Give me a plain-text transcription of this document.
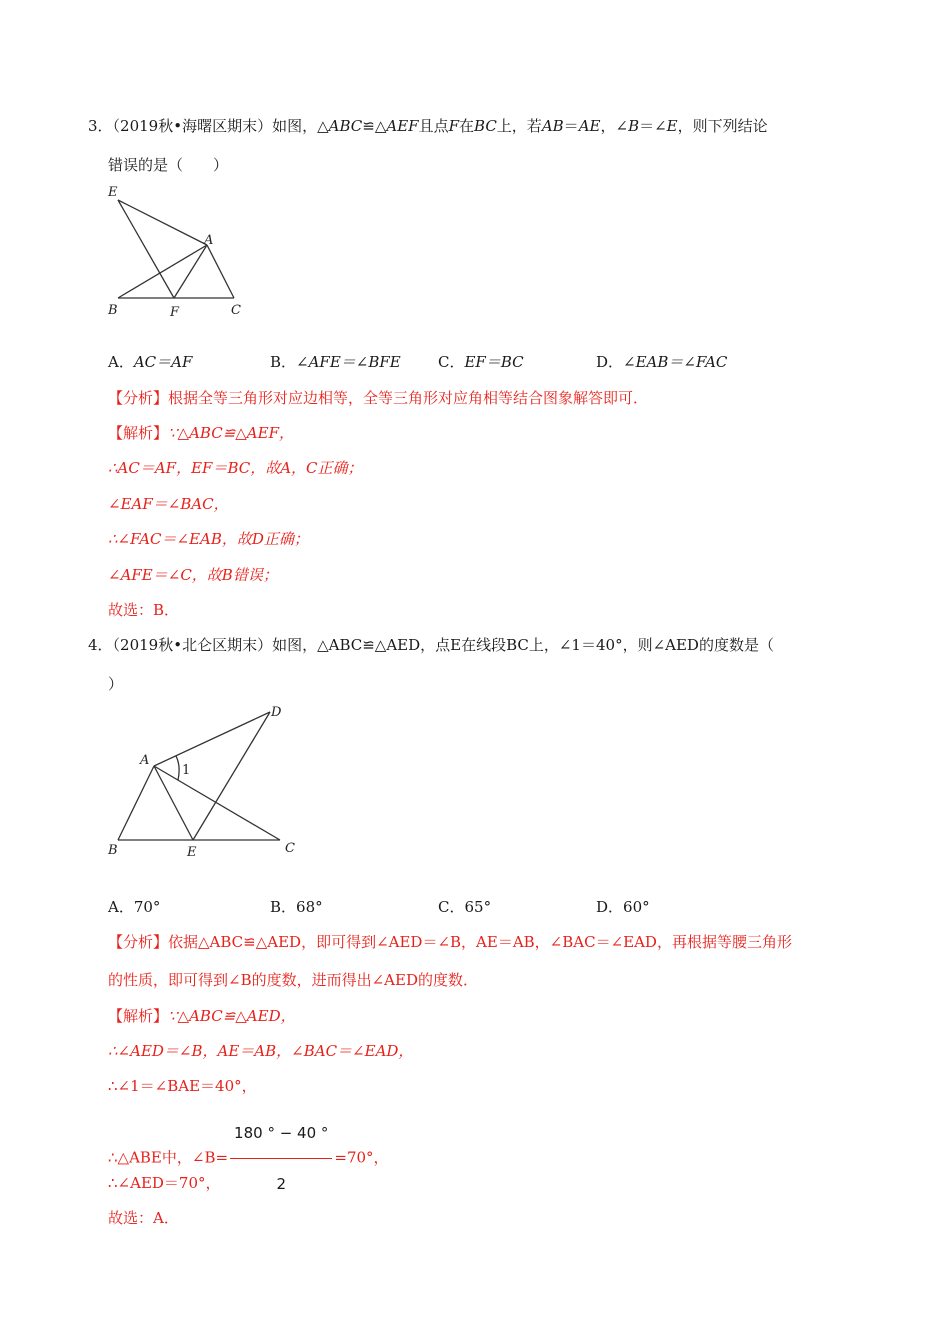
3．（2019秋•海曙区期末）如图，△ABC≌△AEF且点F在BC上，若AB＝AE，∠B＝∠E，则下列结论
错误的是（　　）
E
A
B	F	C
A．AC＝AF	B．∠AFE＝∠BFE C．EF＝BC	D．∠EAB＝∠FAC
【分析】根据全等三角形对应边相等，全等三角形对应角相等结合图象解答即可．
【解析】∵△ABC≌△AEF，
∴AC＝AF，EF＝BC，故A，C正确；
∠EAF＝∠BAC，
∴∠FAC＝∠EAB，故D正确；
∠AFE＝∠C，故B错误；
故选：B．
4．（2019秋•北仑区期末）如图，△ABC≌△AED，点E在线段BC上，∠1＝40°，则∠AED的度数是（
）
D
A
1
B	E	C
A．70°	B．68°	C．65°	D．60°
【分析】依据△ABC≌△AED，即可得到∠AED＝∠B，AE＝AB，∠BAC＝∠EAD，再根据等腰三角形
的性质，即可得到∠B的度数，进而得出∠AED的度数．
【解析】∵△ABC≌△AED，
∴∠AED＝∠B，AE＝AB，∠BAC＝∠EAD，
∴∠1＝∠BAE＝40°，
∴△ABE中，∠B= $\frac{180 ^\circ - 40 ^\circ}{2} =70^\circ$，
∴∠AED＝70°，
故选：A．
